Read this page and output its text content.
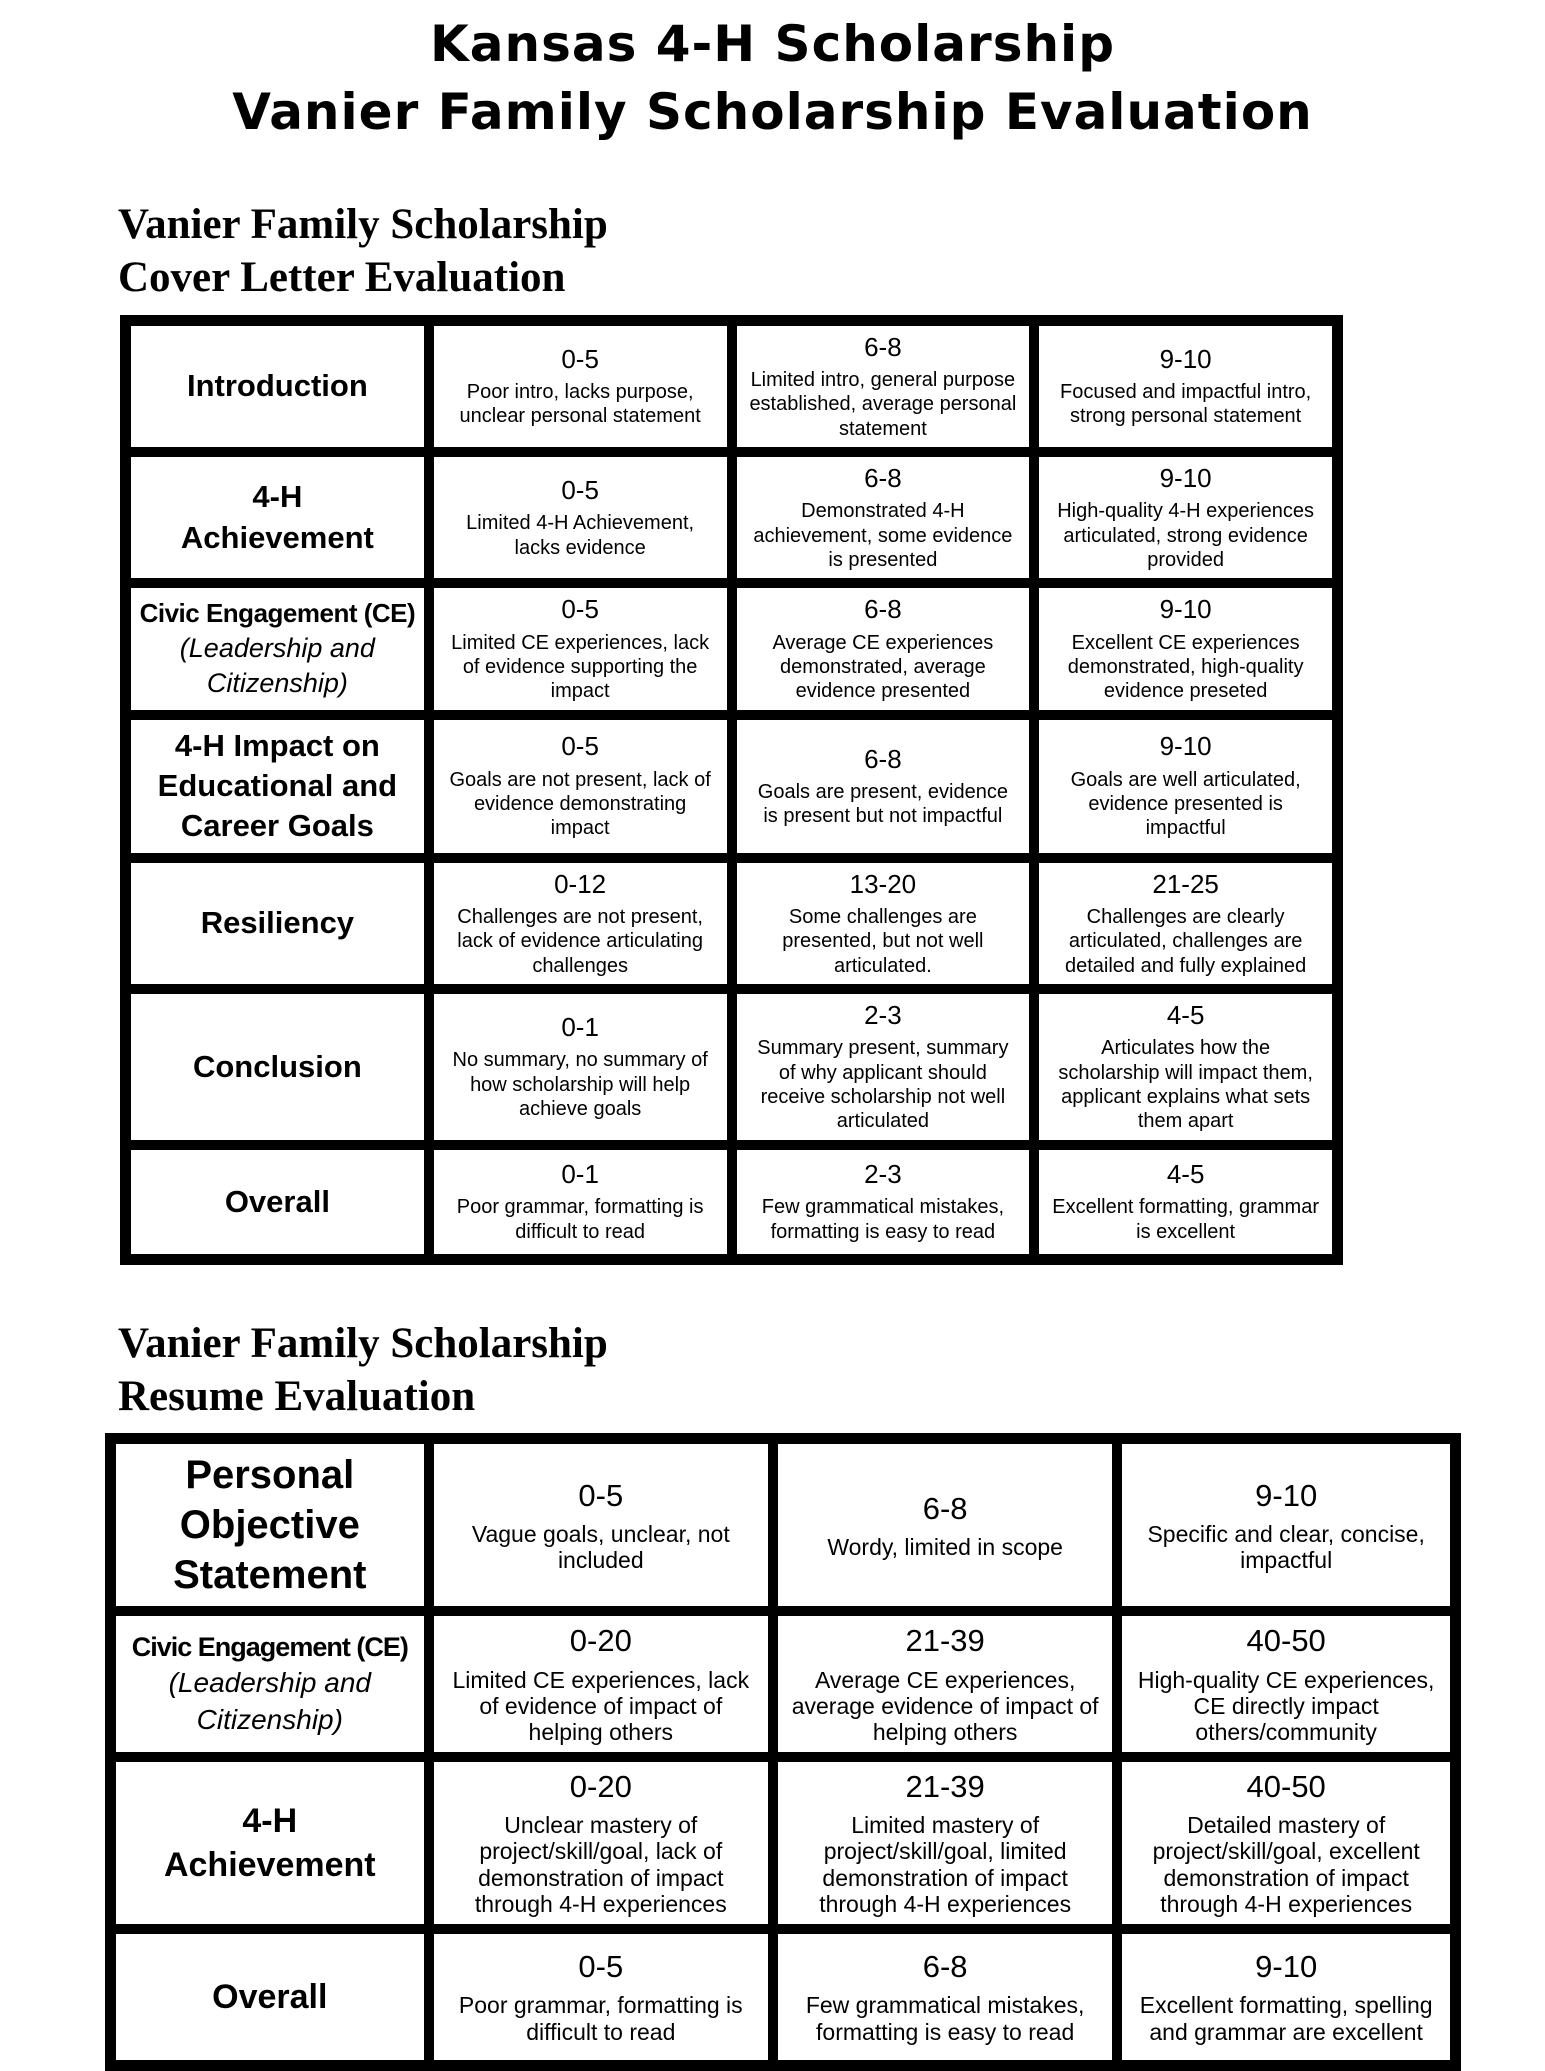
Kansas 4-H Scholarship
Vanier Family Scholarship Evaluation
Vanier Family Scholarship
Cover Letter Evaluation
Introduction
0-5
Poor intro, lacks purpose, unclear personal statement
6-8
Limited intro, general purpose established, average personal statement
9-10
Focused and impactful intro, strong personal statement
4-H Achievement
0-5
Limited 4-H Achievement, lacks evidence
6-8
Demonstrated 4-H achievement, some evidence is presented
9-10
High-quality 4-H experiences articulated, strong evidence provided
Civic Engagement (CE)
(Leadership and Citizenship)
0-5
Limited CE experiences, lack of evidence supporting the impact
6-8
Average CE experiences demonstrated, average evidence presented
9-10
Excellent CE experiences demonstrated, high-quality evidence preseted
4-H Impact on Educational and Career Goals
0-5
Goals are not present, lack of evidence demonstrating impact
6-8
Goals are present, evidence is present but not impactful
9-10
Goals are well articulated, evidence presented is impactful
Resiliency
0-12
Challenges are not present, lack of evidence articulating challenges
13-20
Some challenges are presented, but not well articulated.
21-25
Challenges are clearly articulated, challenges are detailed and fully explained
Conclusion
0-1
No summary, no summary of how scholarship will help achieve goals
2-3
Summary present, summary of why applicant should receive scholarship not well articulated
4-5
Articulates how the scholarship will impact them, applicant explains what sets them apart
Overall
0-1
Poor grammar, formatting is difficult to read
2-3
Few grammatical mistakes, formatting is easy to read
4-5
Excellent formatting, grammar is excellent
Vanier Family Scholarship
Resume Evaluation
Personal Objective Statement
0-5
Vague goals, unclear, not included
6-8
Wordy, limited in scope
9-10
Specific and clear, concise, impactful
Civic Engagement (CE)
(Leadership and Citizenship)
0-20
Limited CE experiences, lack of evidence of impact of helping others
21-39
Average CE experiences, average evidence of impact of helping others
40-50
High-quality CE experiences, CE directly impact others/community
4-H Achievement
0-20
Unclear mastery of project/skill/goal, lack of demonstration of impact through 4-H experiences
21-39
Limited mastery of project/skill/goal, limited demonstration of impact through 4-H experiences
40-50
Detailed mastery of project/skill/goal, excellent demonstration of impact through 4-H experiences
Overall
0-5
Poor grammar, formatting is difficult to read
6-8
Few grammatical mistakes, formatting is easy to read
9-10
Excellent formatting, spelling and grammar are excellent
